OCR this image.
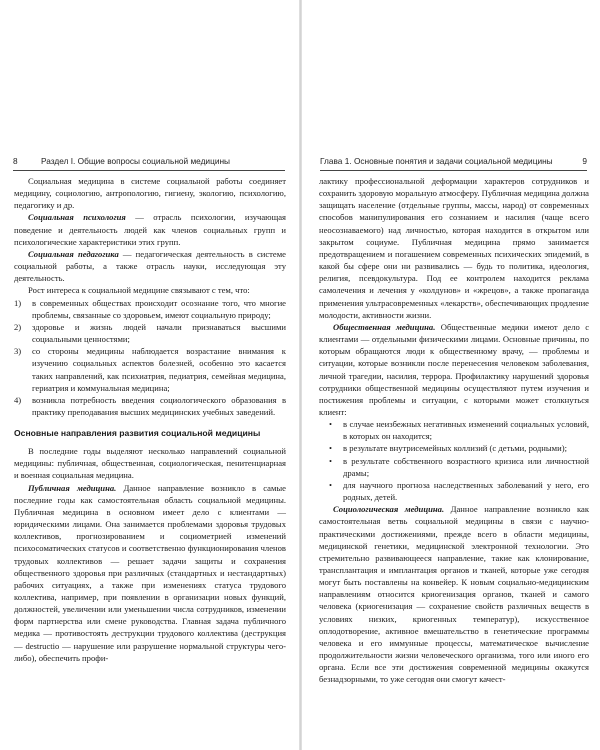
8	Раздел I. Общие вопросы социальной медицины

Социальная медицина в системе социальной работы соединяет медицину, социологию, антропологию, гигиену, экологию, психологию, педагогику и др.

Социальная психология — отрасль психологии, изучающая поведение и деятельность людей как членов социальных групп и психологические характеристики этих групп.

Социальная педагогика — педагогическая деятельность в системе социальной работы, а также отрасль науки, исследующая эту деятельность.

Рост интереса к социальной медицине связывают с тем, что:

1) в современных обществах происходит осознание того, что многие проблемы, связанные со здоровьем, имеют социальную природу;
2) здоровье и жизнь людей начали признаваться высшими социальными ценностями;
3) со стороны медицины наблюдается возрастание внимания к изучению социальных аспектов болезней, особенно это касается таких направлений, как психиатрия, педиатрия, семейная медицина, гериатрия и коммунальная медицина;
4) возникла потребность введения социологического образования в практику преподавания высших медицинских учебных заведений.
Основные направления развития социальной медицины

В последние годы выделяют несколько направлений социальной медицины: публичная, общественная, социологическая, пенитенциарная и военная социальная медицина.

Публичная медицина. Данное направление возникло в самые последние годы как самостоятельная область социальной медицины. Публичная медицина в основном имеет дело с клиентами — юридическими лицами. Она занимается проблемами здоровья трудовых коллективов, прогнозированием и социометрией изменений психосоматических статусов и соответственно функционирования членов трудовых коллективов — решает задачи защиты и сохранения общественного здоровья при различных (стандартных и нестандартных) рабочих ситуациях, а также при изменениях статуса трудового коллектива, например, при появлении в организации новых функций, должностей, увеличении или уменьшении числа сотрудников, изменении форм партнерства или смене руководства. Главная задача публичного медика — противостоять деструкции трудового коллектива (деструкция — destructio — нарушение или разрушение нормальной структуры чего-либо), обеспечить профи-

Глава 1. Основные понятия и задачи социальной медицины	9

лактику профессиональной деформации характеров сотрудников и сохранить здоровую моральную атмосферу. Публичная медицина должна защищать население (отдельные группы, массы, народ) от современных способов манипулирования его сознанием и насилия (чаще всего неосознаваемого) над личностью, которая находится в открытом или закрытом социуме. Публичная медицина прямо занимается предотвращением и погашением современных психических эпидемий, в какой бы сфере они ни развивались — будь то политика, идеология, религия, псевдокультура. Под ее контролем находится реклама самолечения и лечения у «колдунов» и «жрецов», а также пропаганда применения ультрасовременных «лекарств», обеспечивающих продление молодости, активности жизни.

Общественная медицина. Общественные медики имеют дело с клиентами — отдельными физическими лицами. Основные причины, по которым обращаются люди к общественному врачу, — проблемы и ситуации, которые возникли после перенесения человеком заболевания, личной трагедии, насилия, террора. Профилактику нарушений здоровья сотрудники общественной медицины осуществляют путем изучения и постижения проблемы и ситуации, с которыми может столкнуться клиент:

• в случае неизбежных негативных изменений социальных условий, в которых он находится;
• в результате внутрисемейных коллизий (с детьми, родными);
• в результате собственного возрастного кризиса или личностной драмы;
• для научного прогноза наследственных заболеваний у него, его родных, детей.

Социологическая медицина. Данное направление возникло как самостоятельная ветвь социальной медицины в связи с научно-практическими достижениями, прежде всего в области медицины, медицинской генетики, медицинской электронной технологии. Это стремительно развивающееся направление, такие как клонирование, трансплантация и имплантация органов и тканей, которые уже сегодня могут быть поставлены на конвейер. К новым социально-медицинским направлениям относится криогенизация органов, тканей и самого человека (криогенизация — сохранение свойств различных веществ в условиях низких, криогенных температур), искусственное оплодотворение, активное вмешательство в генетические программы человека и его иммунные процессы, математическое вычисление продолжительности жизни человеческого организма, того или иного его органа. Если все эти достижения современной медицины окажутся безнадзорными, то уже сегодня они смогут качест-
